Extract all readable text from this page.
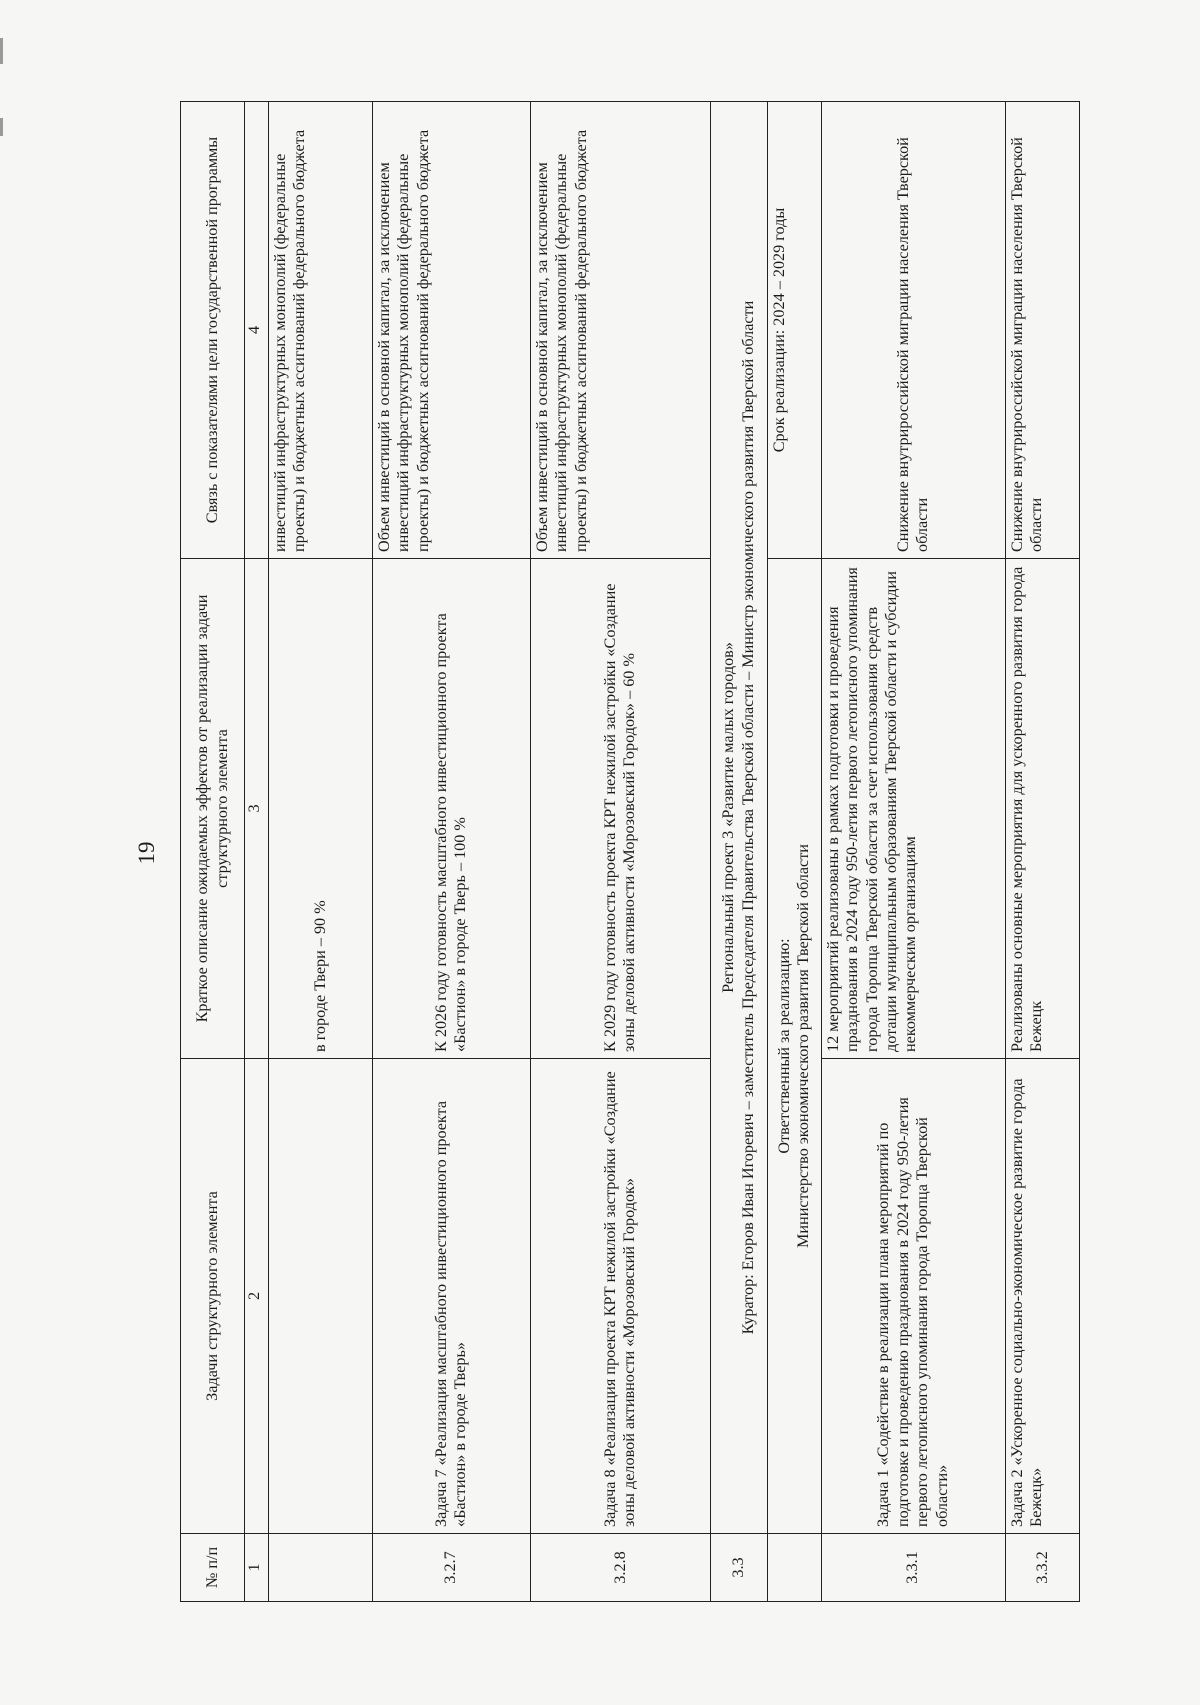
19
№ п/п	Задачи структурного элемента	Краткое описание ожидаемых эффектов от реализации задачи структурного элемента	Связь с показателями цели государственной программы
1	2	3	4
		в городе Твери – 90 %	инвестиций инфраструктурных монополий (федеральные проекты) и бюджетных ассигнований федерального бюджета
3.2.7	Задача 7 «Реализация масштабного инвестиционного проекта «Бастион» в городе Тверь»	К 2026 году готовность масштабного инвестиционного проекта «Бастион» в городе Тверь – 100 %	Объем инвестиций в основной капитал, за исключением инвестиций инфраструктурных монополий (федеральные проекты) и бюджетных ассигнований федерального бюджета
3.2.8	Задача 8 «Реализация проекта КРТ нежилой застройки «Создание зоны деловой активности «Морозовский Городок»	К 2029 году готовность проекта КРТ нежилой застройки «Создание зоны деловой активности «Морозовский Городок» – 60 %	Объем инвестиций в основной капитал, за исключением инвестиций инфраструктурных монополий (федеральные проекты) и бюджетных ассигнований федерального бюджета
3.3	Региональный проект 3 «Развитие малых городов» Куратор: Егоров Иван Игоревич – заместитель Председателя Правительства Тверской области – Министр экономического развития Тверской области		

	Ответственный за реализацию: Министерство экономического развития Тверской области		Срок реализации: 2024 – 2029 годы
3.3.1	Задача 1 «Содействие в реализации плана мероприятий по подготовке и проведению празднования в 2024 году 950-летия первого летописного упоминания города Торопца Тверской области»	12 мероприятий реализованы в рамках подготовки и проведения празднования в 2024 году 950-летия первого летописного упоминания города Торопца Тверской области за счет использования средств дотации муниципальным образованиям Тверской области и субсидии некоммерческим организациям	Снижение внутрироссийской миграции населения Тверской области
3.3.2	Задача 2 «Ускоренное социально-экономическое развитие города Бежецк»	Реализованы основные мероприятия для ускоренного развития города Бежецк	Снижение внутрироссийской миграции населения Тверской области
